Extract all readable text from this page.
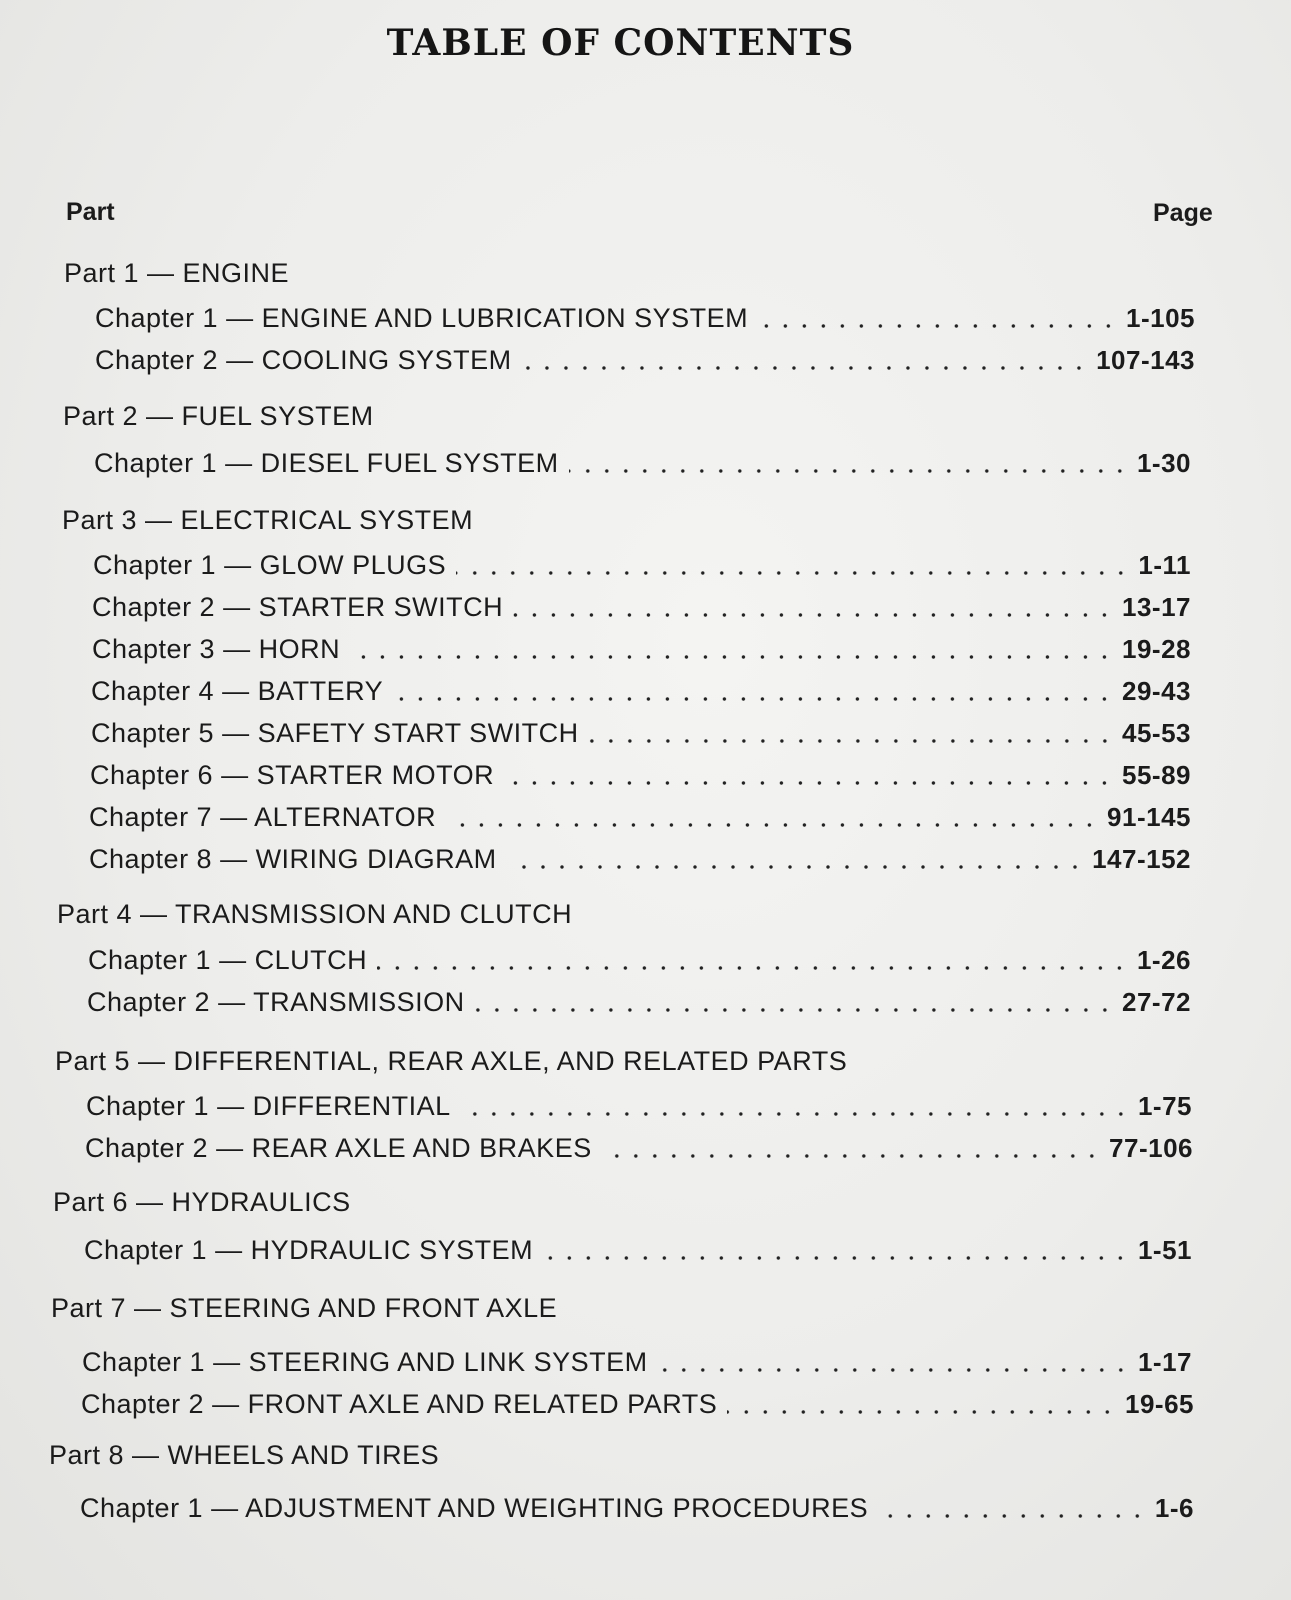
TABLE OF CONTENTS
Part	Page
Part 1 — ENGINE
Chapter 1 — ENGINE AND LUBRICATION SYSTEM	1-105
Chapter 2 — COOLING SYSTEM	107-143
Part 2 — FUEL SYSTEM
Chapter 1 — DIESEL FUEL SYSTEM	1-30
Part 3 — ELECTRICAL SYSTEM
Chapter 1 — GLOW PLUGS	1-11
Chapter 2 — STARTER SWITCH	13-17
Chapter 3 — HORN	19-28
Chapter 4 — BATTERY	29-43
Chapter 5 — SAFETY START SWITCH	45-53
Chapter 6 — STARTER MOTOR	55-89
Chapter 7 — ALTERNATOR	91-145
Chapter 8 — WIRING DIAGRAM	147-152
Part 4 — TRANSMISSION AND CLUTCH
Chapter 1 — CLUTCH	1-26
Chapter 2 — TRANSMISSION	27-72
Part 5 — DIFFERENTIAL, REAR AXLE, AND RELATED PARTS
Chapter 1 — DIFFERENTIAL	1-75
Chapter 2 — REAR AXLE AND BRAKES	77-106
Part 6 — HYDRAULICS
Chapter 1 — HYDRAULIC SYSTEM	1-51
Part 7 — STEERING AND FRONT AXLE
Chapter 1 — STEERING AND LINK SYSTEM	1-17
Chapter 2 — FRONT AXLE AND RELATED PARTS	19-65
Part 8 — WHEELS AND TIRES
Chapter 1 — ADJUSTMENT AND WEIGHTING PROCEDURES	1-6
